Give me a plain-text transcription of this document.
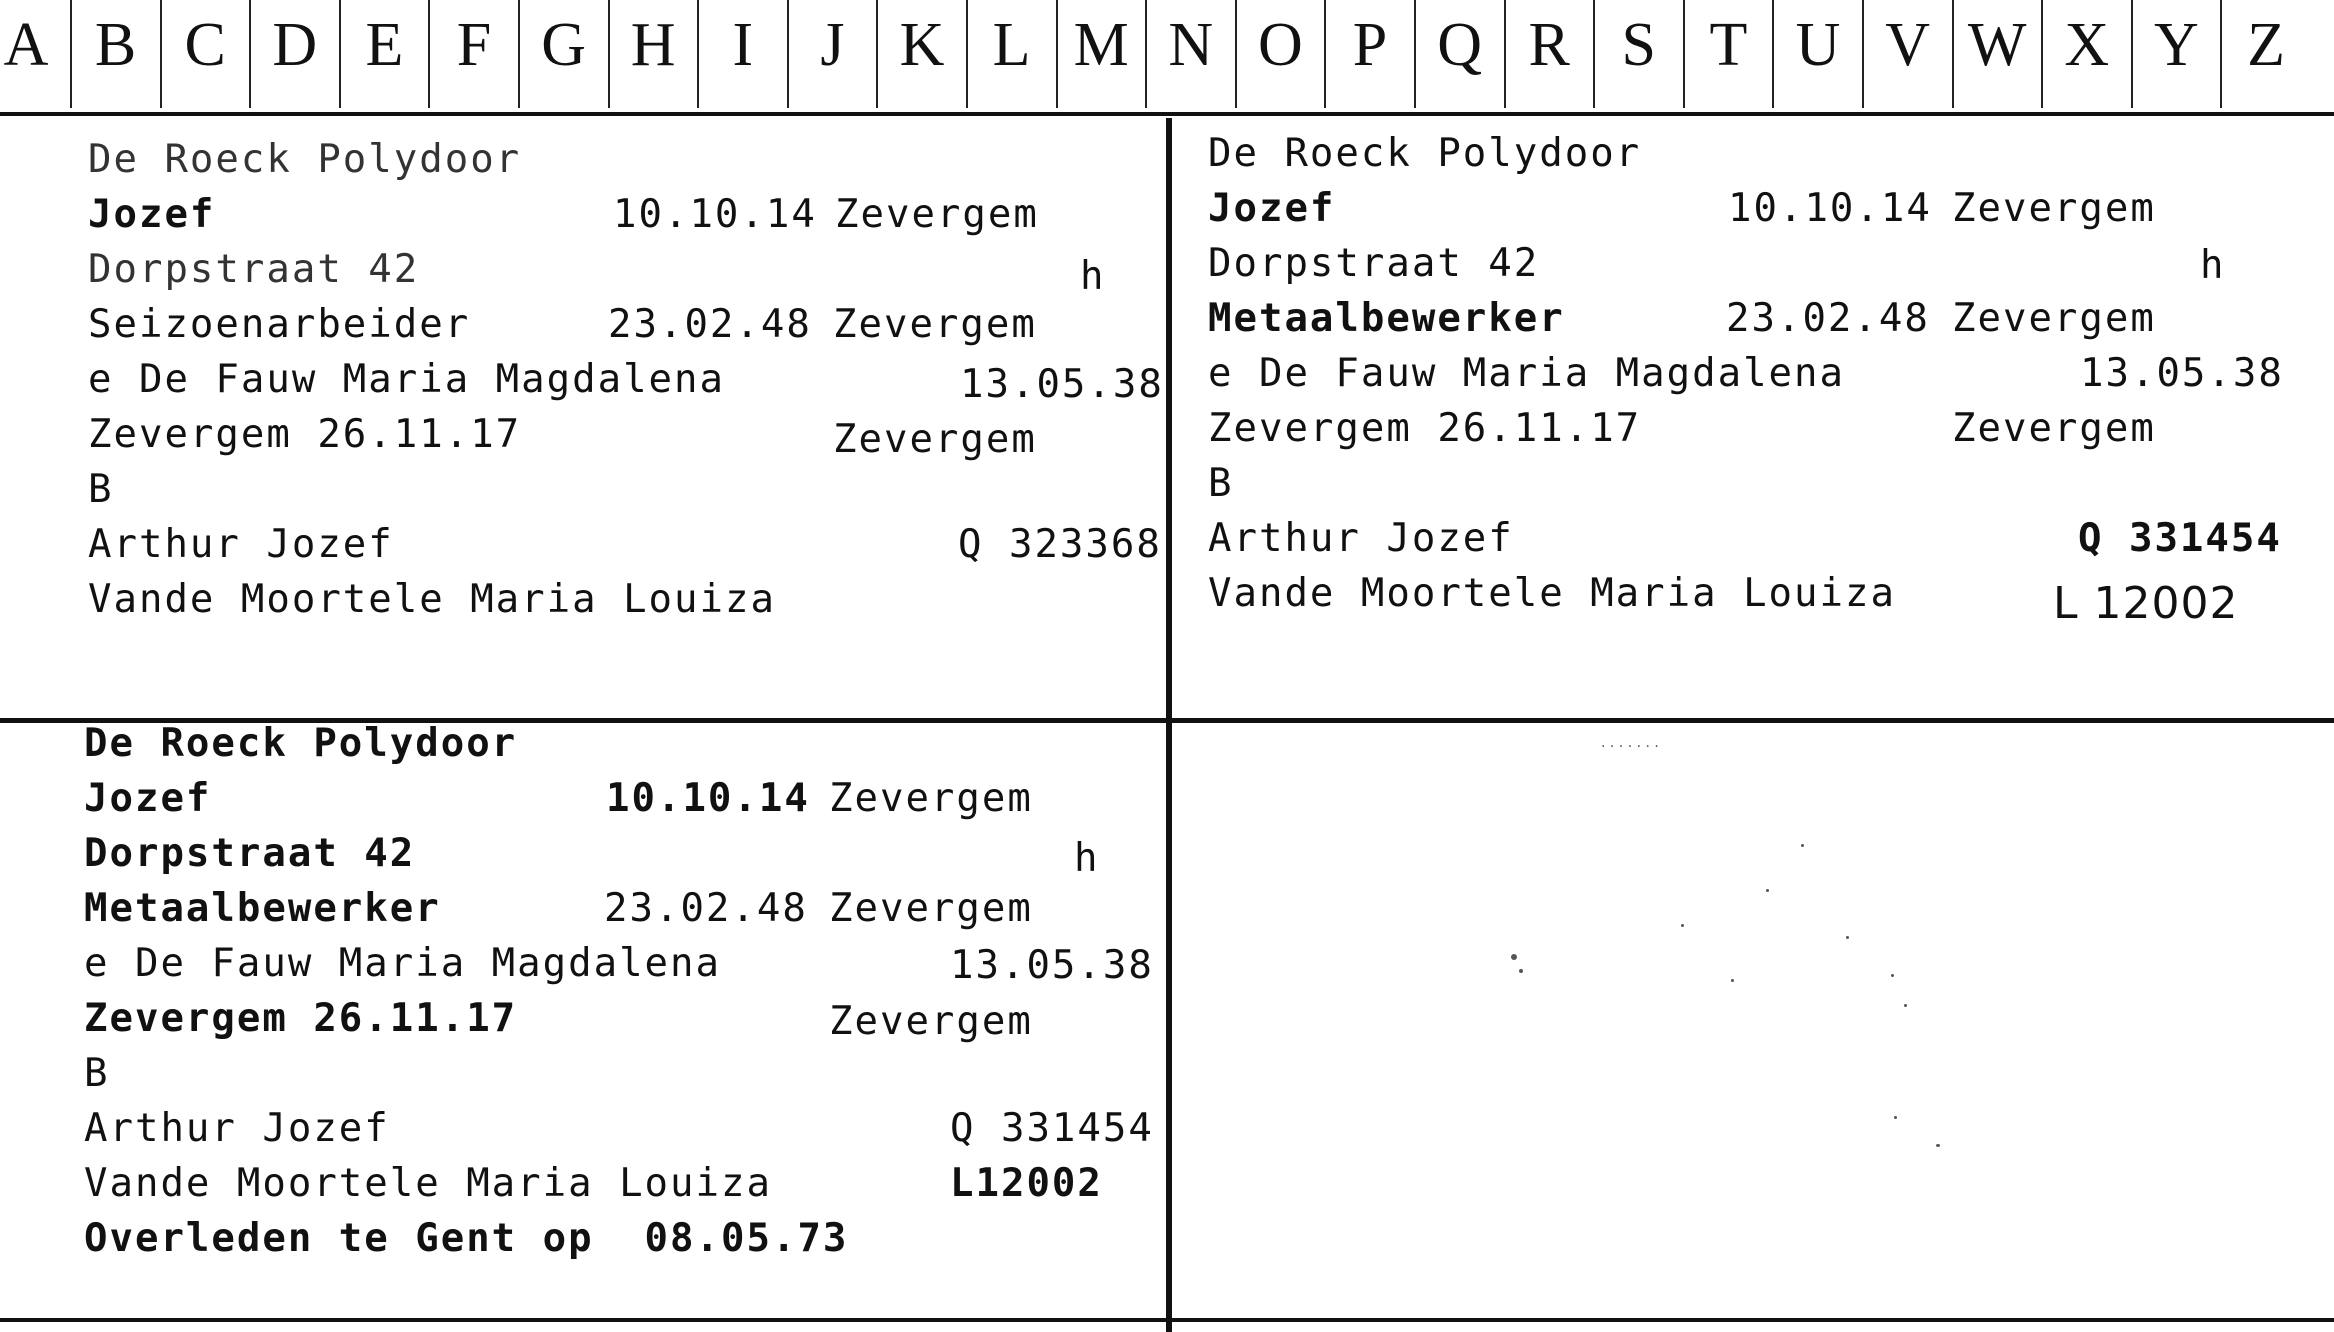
A B C D E F G H I	J K L M N O P Q R S T U V W X Y Z
De Roeck Polydoor
Jozef	10.10.14 Zevergem
Dorpstraat 42	h
Seizoenarbeider	23.02.48 Zevergem
e De Fauw Maria Magdalena	13.05.38
Zevergem 26.11.17	Zevergem
B
Arthur Jozef	Q 323368
Vande Moortele Maria Louiza
De Roeck Polydoor
Jozef	10.10.14 Zevergem
Dorpstraat 42	h
Metaalbewerker	23.02.48 Zevergem
e De Fauw Maria Magdalena	13.05.38
Zevergem 26.11.17	Zevergem
B
Arthur Jozef	Q 331454
Vande Moortele Maria Louiza	L 12002
De Roeck Polydoor
Jozef	10.10.14 Zevergem
Dorpstraat 42	h
Metaalbewerker	23.02.48 Zevergem
e De Fauw Maria Magdalena	13.05.38
Zevergem 26.11.17	Zevergem
B
Arthur Jozef	Q 331454
Vande Moortele Maria Louiza	L12002
Overleden te Gent op  08.05.73
· · · · · · ·
